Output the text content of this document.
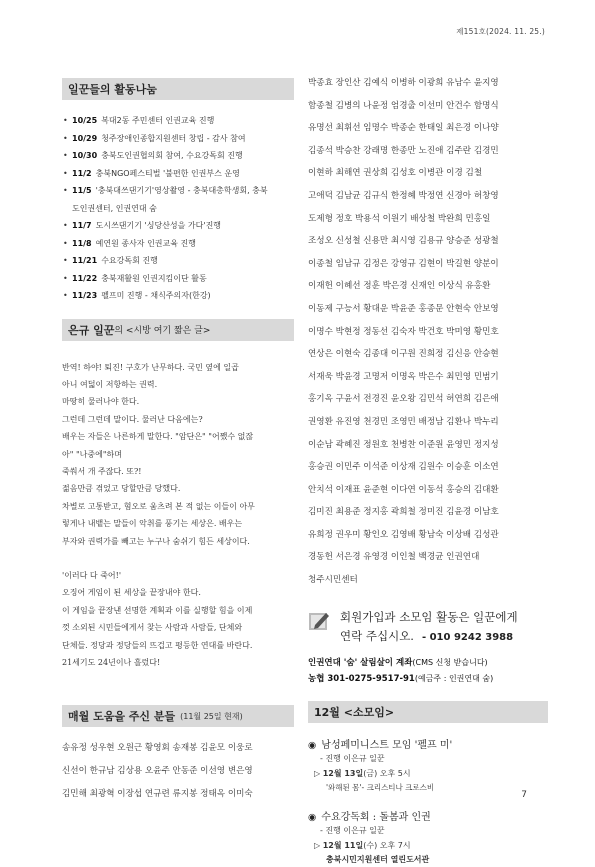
제151호(2024. 11. 25.)
일꾼들의 활동나눔
• 10/25 복대2동 주민센터 인권교육 진행
• 10/29 청주장애인종합지원센터 창립 - 감사 참여
• 10/30 충북도인권협의회 참여, 수요강독회 진행
• 11/2 충북NGO페스티벌 '불편한 인권부스 운영
• 11/5 '충북대쓰댄기기'영상촬영 - 충북대총학생회, 충북
도인권센터, 인권연대 숨
• 11/7 도시쓰댄기기 '싱당산성을 가다'진행
• 11/8 예연원 종사자 인권교육 진행
• 11/21 수요강독회 진행
• 11/22 충북재활원 인권지킴이단 활동
• 11/23 펠프미 진행 - 채식주의자(한강)
은규 일꾼 의 <시방 여기 짧은 글>

반역! 하야! 퇴진! 구호가 난무하다. 국민 옆에 일곱

아니 여덟이 저항하는 권력.

마땅히 물러나야 한다.

그런데 그런데 말이다. 물러난 다음에는?

배우는 자들은 나른하게 말한다. "암단은" "어쨌수 없잖

아" "나중에"하며

죽쒀서 개 주잖다. 또?!

젊음만큼 겪었고 당할만큼 당했다.

차별로 고통받고, 혐오로 움츠려 본 적 없는 이들이 아무

렇게나 내뱉는 말들이 악취를 풍기는 세상은. 배우는

부자와 권력가를 빼고는 누구나 숨쉬기 힘든 세상이다.

'이러다 다 죽어!'

오징어 게임이 된 세상을 끝장내야 한다.

이 게임을 끝장낸 선명한 계획과 이를 실행할 힘을 이제

껏 소외된 시민들에게서 찾는 사람과 사람들, 단체와

단체들. 정당과 정당들의 뜨겁고 평등한 연대를 바란다.

21세기도 24년이나 흘렀다!

매월 도움을 주신 분들 (11월 25일 현재)

송유정 성우현 오원근 황영회 송재봉 김윤모 이웅로

신선이 한규남 김상용 오윤주 안동준 이선영 변은영

김민해 최광혁 이장섭 연규련 류지봉 정태옥 이미숙

박종효 장인산 김예식 이병하 이광희 유남수 윤지영

함종철 김병의 나윤정 엄경출 이선미 안건수 함명식

유명선 최휘선 임명수 박종순 한태일 최은경 이나양

김종석 박승찬 강래명 한종만 노진애 김주란 김경민

이현하 최해연 권상희 김성호 이병관 이경 김철

고애덕 김남균 김규식 한정혜 박정연 신경아 허창영

도제형 정호 박용석 이원기 배상철 박완희 민홍일

조성오 신성철 신용만 최시영 김용규 양승준 성광철

이종철 임남규 김정은 강영규 김현이 박길현 양분이

이재헌 이혜선 정훈 박은경 신재인 이상식 유홍환

이동제 구능서 황대운 박윤준 홍종문 안현숙 안보영

이명수 박현정 정동선 김숙자 박건호 박미영 황민호

연상은 이현숙 김종대 이구원 진희정 김신응 안승현

서재욱 박윤경 고명저 이명옥 박은수 최민영 민범기

홍기옥 구윤서 전경진 윤오왕 김민석 허연희 김은애

권영환 유진영 천경민 조영민 배정남 김환나 박누리

이순남 곽혜진 정원호 천병찬 이준원 윤영민 정지성

홍승권 이민주 이석준 이상재 김원수 이승훈 이소연

안치석 이재표 윤준현 이다연 이동석 홍승의 김대환

김미진 최용준 정지홍 곽희철 정미진 김윤경 이남호

유희정 권우미 황인오 김영배 황남숙 이상배 김성관

경동헌 서은경 유영경 이인철 백경균 인권연대

청주시민센터

회원가입과 소모임 활동은 일꾼에게
연락 주십시오. - 010 9242 3988
인권연대 '숨' 살림살이 계좌(CMS 신청 받습니다)
농협 301-0275-9517-91(예금주 : 인권연대 숨)
12월 <소모임>
◉ 남성페미니스트 모임 '펠프 미'
- 진행 이은규 일꾼
▷ 12월 13일(금) 오후 5시
'와해된 몸'- 크리스티나 크로스비
◉ 수요강독회 : 돌봄과 인권
- 진행 이은규 일꾼
▷ 12월 11일(수) 오후 7시
충북시민지원센터 열린도서관
7
